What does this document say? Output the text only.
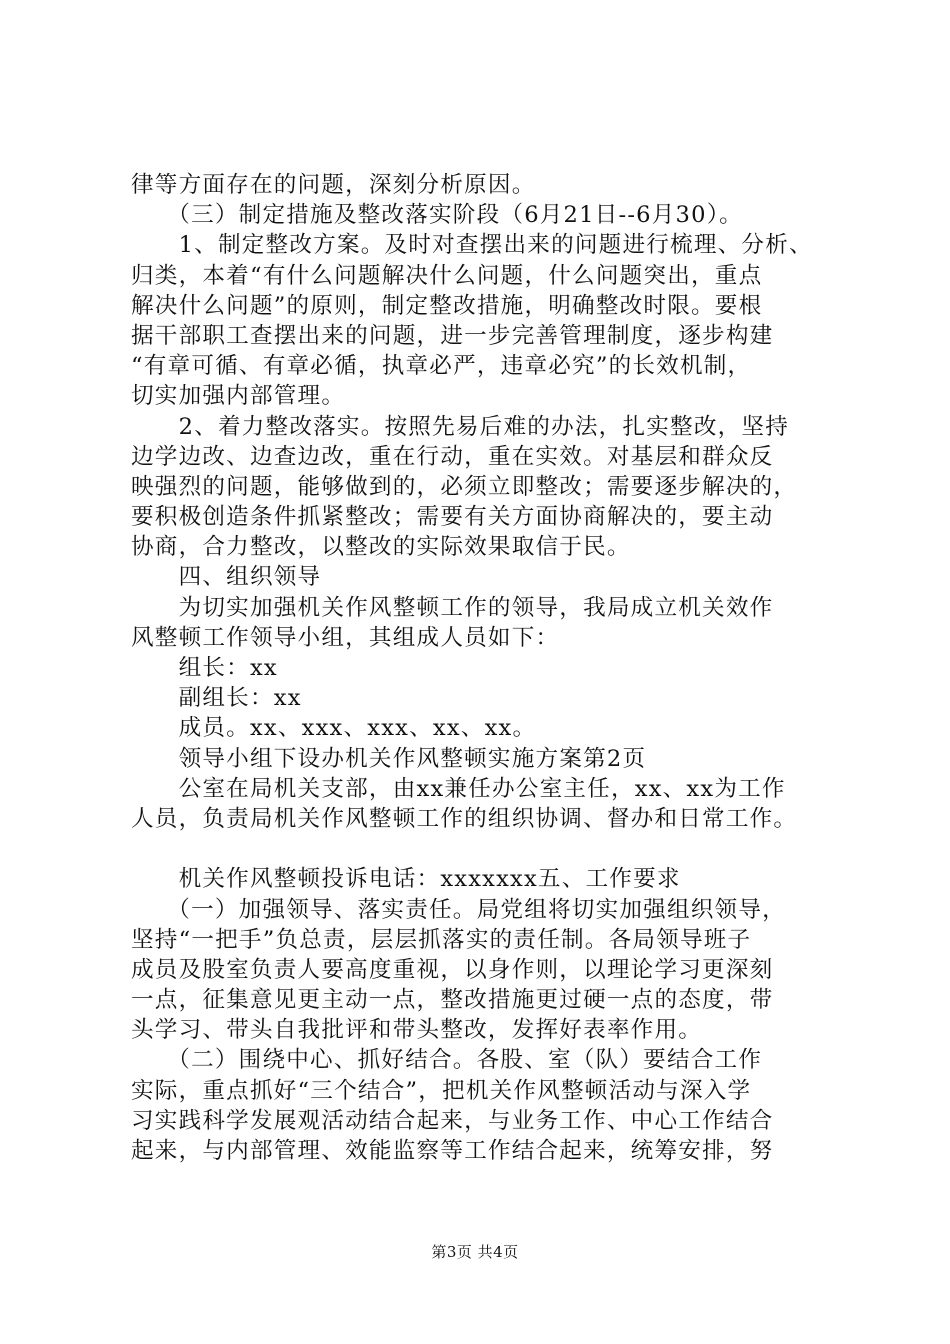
律等方面存在的问题，深刻分析原因。
　　（三）制定措施及整改落实阶段（6月21日--6月30）。
　　1、制定整改方案。及时对查摆出来的问题进行梳理、分析、
归类，本着“有什么问题解决什么问题，什么问题突出，重点
解决什么问题”的原则，制定整改措施，明确整改时限。要根
据干部职工查摆出来的问题，进一步完善管理制度，逐步构建
“有章可循、有章必循，执章必严，违章必究”的长效机制，
切实加强内部管理。
　　2、着力整改落实。按照先易后难的办法，扎实整改，坚持
边学边改、边查边改，重在行动，重在实效。对基层和群众反
映强烈的问题，能够做到的，必须立即整改；需要逐步解决的，
要积极创造条件抓紧整改；需要有关方面协商解决的，要主动
协商，合力整改，以整改的实际效果取信于民。
　　四、组织领导
　　为切实加强机关作风整顿工作的领导，我局成立机关效作
风整顿工作领导小组，其组成人员如下：
　　组长：xx
　　副组长：xx
　　成员。xx、xxx、xxx、xx、xx。
　　领导小组下设办机关作风整顿实施方案第2页
　　公室在局机关支部，由xx兼任办公室主任，xx、xx为工作
人员，负责局机关作风整顿工作的组织协调、督办和日常工作。
　　机关作风整顿投诉电话：xxxxxxx五、工作要求
　　（一）加强领导、落实责任。局党组将切实加强组织领导，
坚持“一把手”负总责，层层抓落实的责任制。各局领导班子
成员及股室负责人要高度重视，以身作则，以理论学习更深刻
一点，征集意见更主动一点，整改措施更过硬一点的态度，带
头学习、带头自我批评和带头整改，发挥好表率作用。
　　（二）围绕中心、抓好结合。各股、室（队）要结合工作
实际，重点抓好“三个结合”，把机关作风整顿活动与深入学
习实践科学发展观活动结合起来，与业务工作、中心工作结合
起来，与内部管理、效能监察等工作结合起来，统筹安排，努
第3页 共4页
